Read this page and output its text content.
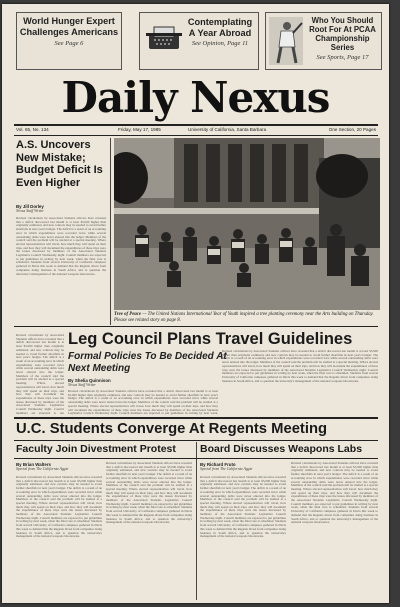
World Hunger Expert Challenges Americans
See Page 6
Contemplating A Year Abroad
See Opinion, Page 11
Who You Should Root For At PCAA Championship Series
See Sports, Page 17
Daily Nexus
Vol. 65, No. 134	Friday, May 17, 1985	University of California, Santa Barbara	One Section, 20 Pages
A.S. Uncovers New Mistake; Budget Deficit Is Even Higher
By Jill Dorley
Nexus Staff Writer
Revised calculations by Associated Students officers have revealed that a deficit discovered last month is at least $5,000 higher than originally estimated, and new controls may be needed to avoid further shortfalls in next year's budget. The deficit is a result of an accounting error in which expenditures were recorded twice while several outstanding debts were never entered into the ledger. Members of the council said the problem will be studied at a special meeting. Where elected representatives will travel, how much they will spend on their trips, and how they will document the expenditures of these trips were the issues discussed by members of the Associated Students Legislative Council Wednesday night. Council members are expected to put guidelines in writing by next week, when the final vote is scheduled. Students from several University of California campuses gathered in Davis this week to demand that the Regents divest from companies doing business in South Africa, and to question the university's management of the national weapons laboratories.
Tree of Peace — The United Nations International Year of Youth inspired a tree planting ceremony near the Arts building on Thursday. Please see related story on page 8.
Leg Council Plans Travel Guidelines
Formal Policies To Be Decided At Next Meeting
By Shelia Quinnison
Nexus Staff Writer
Revised calculations by Associated Students officers have revealed that a deficit discovered last month is at least $5,000 higher than originally estimated, and new controls may be needed to avoid further shortfalls in next year's budget. The deficit is a result of an accounting error in which expenditures were recorded twice while several outstanding debts were never entered into the ledger. Members of the council said the problem will be studied at a special meeting. Where elected representatives will travel, how much they will spend on their trips, and how they will document the expenditures of these trips were the issues discussed by members of the Associated Students Legislative Council Wednesday night. Council members are expected to put guidelines in writing by next week,
Revised calculations by Associated Students officers have revealed that a deficit discovered last month is at least $5,000 higher than originally estimated, and new controls may be needed to avoid further shortfalls in next year's budget. The deficit is a result of an accounting error in which expenditures were recorded twice while several outstanding debts were never entered into the ledger. Members of the council said the problem will be studied at a special meeting. Where elected representatives will travel, how much they will spend on their trips, and how they will document the expenditures of these trips were the issues discussed by members of the Associated Students Legislative Council Wednesday night. Council members are expected to put guidelines in writing by next week, when the final vote is scheduled. Students from several University of California campuses gathered in Davis this week to demand that the Regents divest from companies doing business in South Africa, and to question the university's management of the national weapons laboratories.
Revised calculations by Associated Students officers have revealed that a deficit discovered last month is at least $5,000 higher than originally estimated, and new controls may be needed to avoid further shortfalls in next year's budget. The deficit is a result of an accounting error in which expenditures were recorded twice while several outstanding debts were never entered into the ledger. Members of the council said the problem will be studied at a special meeting. Where elected representatives will travel, how much they will spend on their trips, and how they will document the expenditures of these trips were the issues discussed by members of the Associated Students Legislative Council Wednesday night. Council members are expected to put
U.C. Students Converge At Regents Meeting
Faculty Join Divestment Protest	Board Discusses Weapons Labs
By Brian Walters
Special from The California Aggie
Revised calculations by Associated Students officers have revealed that a deficit discovered last month is at least $5,000 higher than originally estimated, and new controls may be needed to avoid further shortfalls in next year's budget. The deficit is a result of an accounting error in which expenditures were recorded twice while several outstanding debts were never entered into the ledger. Members of the council said the problem will be studied at a special meeting. Where elected representatives will travel, how much they will spend on their trips, and how they will document the expenditures of these trips were the issues discussed by members of the Associated Students Legislative Council Wednesday night. Council members are expected to put guidelines in writing by next week, when the final vote is scheduled. Students from several University of California campuses gathered in Davis this week to demand that the Regents divest from companies doing business in South Africa, and to question the university's management of the national weapons laboratories.
Revised calculations by Associated Students officers have revealed that a deficit discovered last month is at least $5,000 higher than originally estimated, and new controls may be needed to avoid further shortfalls in next year's budget. The deficit is a result of an accounting error in which expenditures were recorded twice while several outstanding debts were never entered into the ledger. Members of the council said the problem will be studied at a special meeting. Where elected representatives will travel, how much they will spend on their trips, and how they will document the expenditures of these trips were the issues discussed by members of the Associated Students Legislative Council Wednesday night. Council members are expected to put guidelines in writing by next week, when the final vote is scheduled. Students from several University of California campuses gathered in Davis this week to demand that the Regents divest from companies doing business in South Africa, and to question the university's management of the national weapons laboratories.
By Richard Fruto
Special from The California Aggie
Revised calculations by Associated Students officers have revealed that a deficit discovered last month is at least $5,000 higher than originally estimated, and new controls may be needed to avoid further shortfalls in next year's budget. The deficit is a result of an accounting error in which expenditures were recorded twice while several outstanding debts were never entered into the ledger. Members of the council said the problem will be studied at a special meeting. Where elected representatives will travel, how much they will spend on their trips, and how they will document the expenditures of these trips were the issues discussed by members of the Associated Students Legislative Council Wednesday night. Council members are expected to put guidelines in writing by next week, when the final vote is scheduled. Students from several University of California campuses gathered in Davis this week to demand that the Regents divest from companies doing business in South Africa, and to question the university's management of the national weapons laboratories.
Revised calculations by Associated Students officers have revealed that a deficit discovered last month is at least $5,000 higher than originally estimated, and new controls may be needed to avoid further shortfalls in next year's budget. The deficit is a result of an accounting error in which expenditures were recorded twice while several outstanding debts were never entered into the ledger. Members of the council said the problem will be studied at a special meeting. Where elected representatives will travel, how much they will spend on their trips, and how they will document the expenditures of these trips were the issues discussed by members of the Associated Students Legislative Council Wednesday night. Council members are expected to put guidelines in writing by next week, when the final vote is scheduled. Students from several University of California campuses gathered in Davis this week to demand that the Regents divest from companies doing business in South Africa, and to question the university's management of the national weapons laboratories.
